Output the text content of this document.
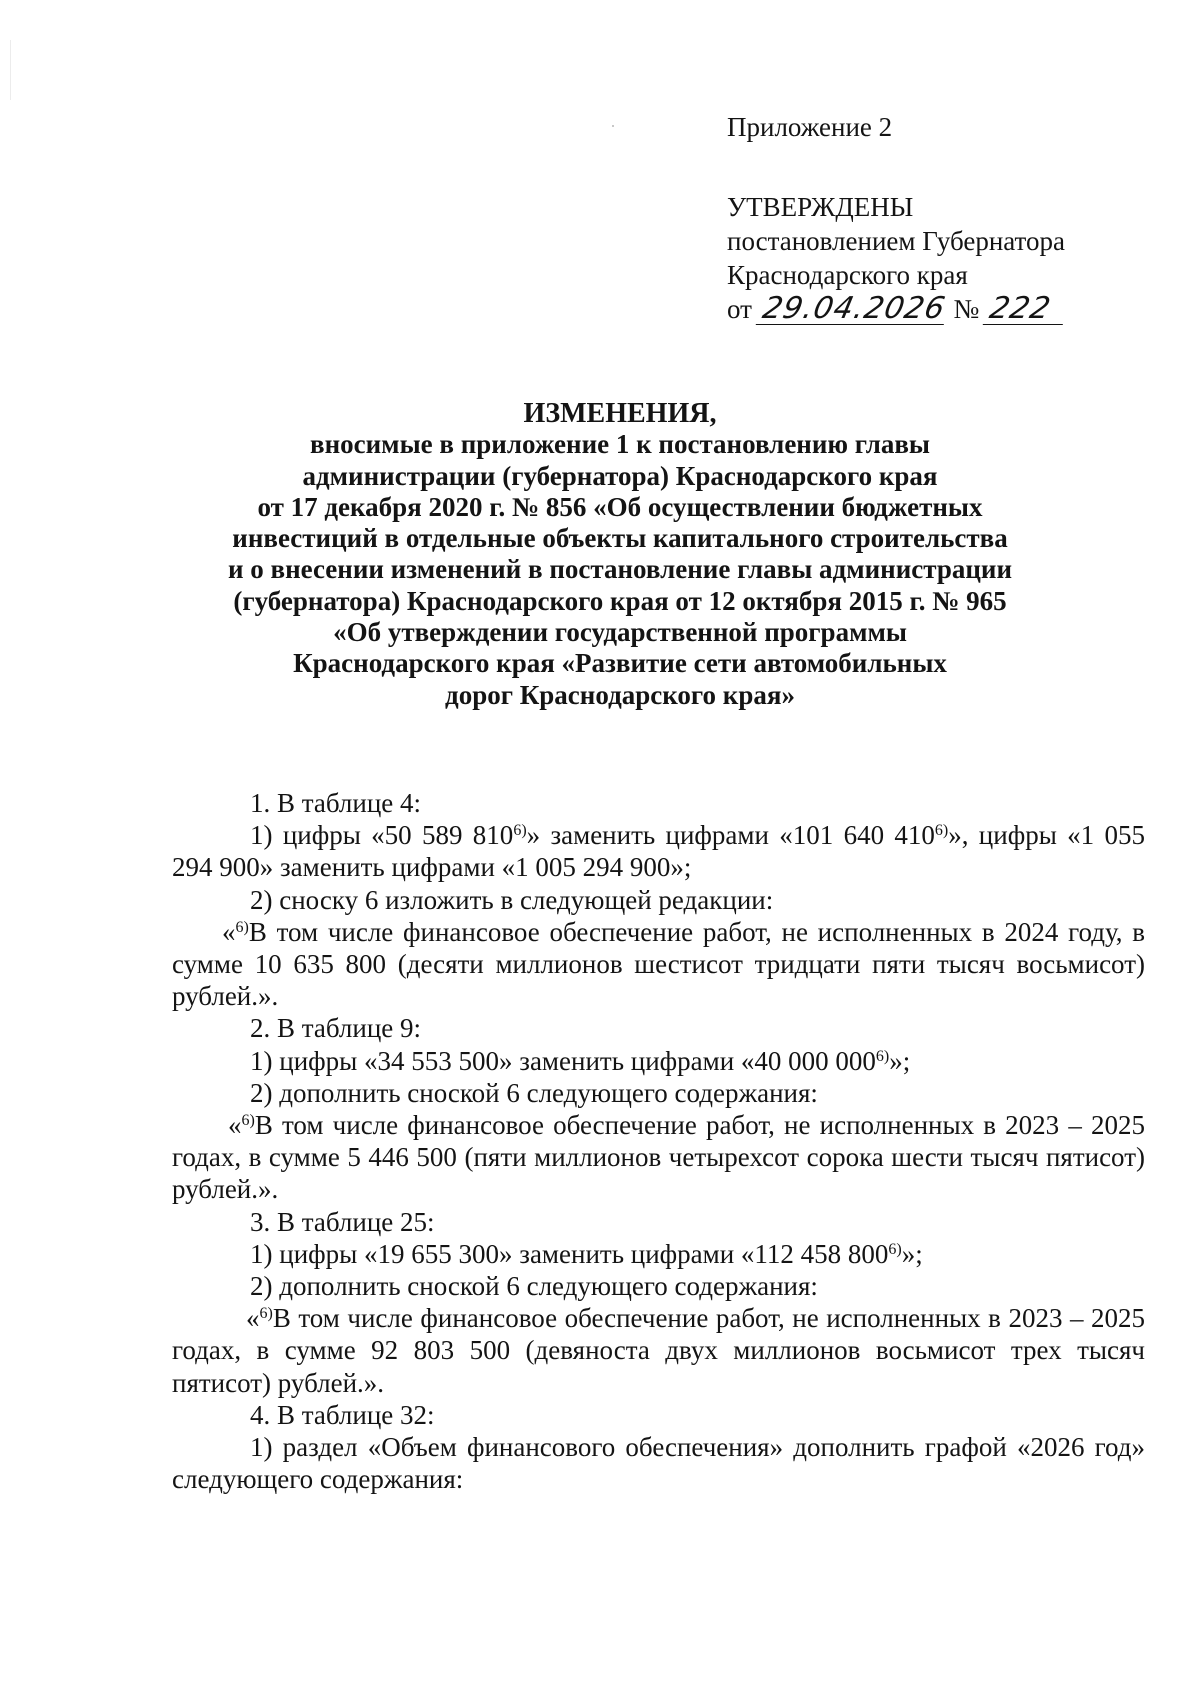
Приложение 2
УТВЕРЖДЕНЫ
постановлением Губернатора
Краснодарского края
от 29.04.2026 № 222
ИЗМЕНЕНИЯ,
вносимые в приложение 1 к постановлению главы
администрации (губернатора) Краснодарского края
от 17 декабря 2020 г. № 856 «Об осуществлении бюджетных
инвестиций в отдельные объекты капитального строительства
и о внесении изменений в постановление главы администрации
(губернатора) Краснодарского края от 12 октября 2015 г. № 965
«Об утверждении государственной программы
Краснодарского края «Развитие сети автомобильных
дорог Краснодарского края»

1. В таблице 4:

1) цифры «50 589 810$^{6)}$» заменить цифрами «101 640 410$^{6)}$», цифры «1 055 294 900» заменить цифрами «1 005 294 900»;

2) сноску 6 изложить в следующей редакции:

«$^{6)}$В том числе финансовое обеспечение работ, не исполненных в 2024 году, в сумме 10 635 800 (десяти миллионов шестисот тридцати пяти тысяч восьмисот) рублей.».

2. В таблице 9:

1) цифры «34 553 500» заменить цифрами «40 000 000$^{6)}$»;

2) дополнить сноской 6 следующего содержания:

«$^{6)}$В том числе финансовое обеспечение работ, не исполненных в 2023 – 2025 годах, в сумме 5 446 500 (пяти миллионов четырехсот сорока шести тысяч пятисот) рублей.».

3. В таблице 25:

1) цифры «19 655 300» заменить цифрами «112 458 800$^{6)}$»;

2) дополнить сноской 6 следующего содержания:

«$^{6)}$В том числе финансовое обеспечение работ, не исполненных в 2023 – 2025 годах, в сумме 92 803 500 (девяноста двух миллионов восьмисот трех тысяч пятисот) рублей.».

4. В таблице 32:

1) раздел «Объем финансового обеспечения» дополнить графой «2026 год» следующего содержания:
